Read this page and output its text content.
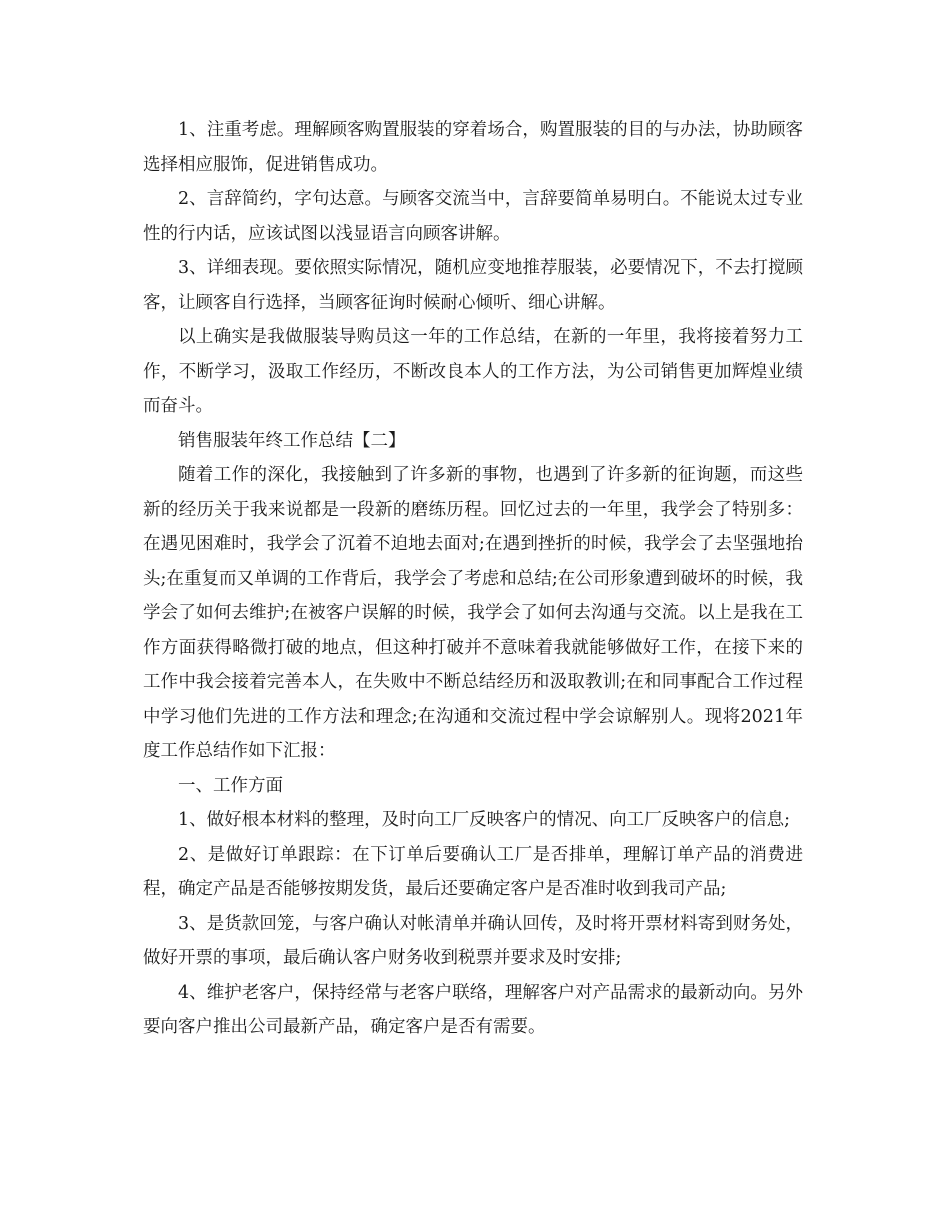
1、注重考虑。理解顾客购置服装的穿着场合，购置服装的目的与办法，协助顾客选择相应服饰，促进销售成功。

2、言辞简约，字句达意。与顾客交流当中，言辞要简单易明白。不能说太过专业性的行内话，应该试图以浅显语言向顾客讲解。

3、详细表现。要依照实际情况，随机应变地推荐服装，必要情况下，不去打搅顾客，让顾客自行选择，当顾客征询时候耐心倾听、细心讲解。

以上确实是我做服装导购员这一年的工作总结，在新的一年里，我将接着努力工作，不断学习，汲取工作经历，不断改良本人的工作方法，为公司销售更加辉煌业绩而奋斗。

销售服装年终工作总结【二】

随着工作的深化，我接触到了许多新的事物，也遇到了许多新的征询题，而这些新的经历关于我来说都是一段新的磨练历程。回忆过去的一年里，我学会了特别多：在遇见困难时，我学会了沉着不迫地去面对;在遇到挫折的时候，我学会了去坚强地抬头;在重复而又单调的工作背后，我学会了考虑和总结;在公司形象遭到破坏的时候，我学会了如何去维护;在被客户误解的时候，我学会了如何去沟通与交流。以上是我在工作方面获得略微打破的地点，但这种打破并不意味着我就能够做好工作，在接下来的工作中我会接着完善本人，在失败中不断总结经历和汲取教训;在和同事配合工作过程中学习他们先进的工作方法和理念;在沟通和交流过程中学会谅解别人。现将2021年度工作总结作如下汇报：

一、工作方面

1、做好根本材料的整理，及时向工厂反映客户的情况、向工厂反映客户的信息;

2、是做好订单跟踪：在下订单后要确认工厂是否排单，理解订单产品的消费进程，确定产品是否能够按期发货，最后还要确定客户是否准时收到我司产品;

3、是货款回笼，与客户确认对帐清单并确认回传，及时将开票材料寄到财务处，做好开票的事项，最后确认客户财务收到税票并要求及时安排;

4、维护老客户，保持经常与老客户联络，理解客户对产品需求的最新动向。另外要向客户推出公司最新产品，确定客户是否有需要。
